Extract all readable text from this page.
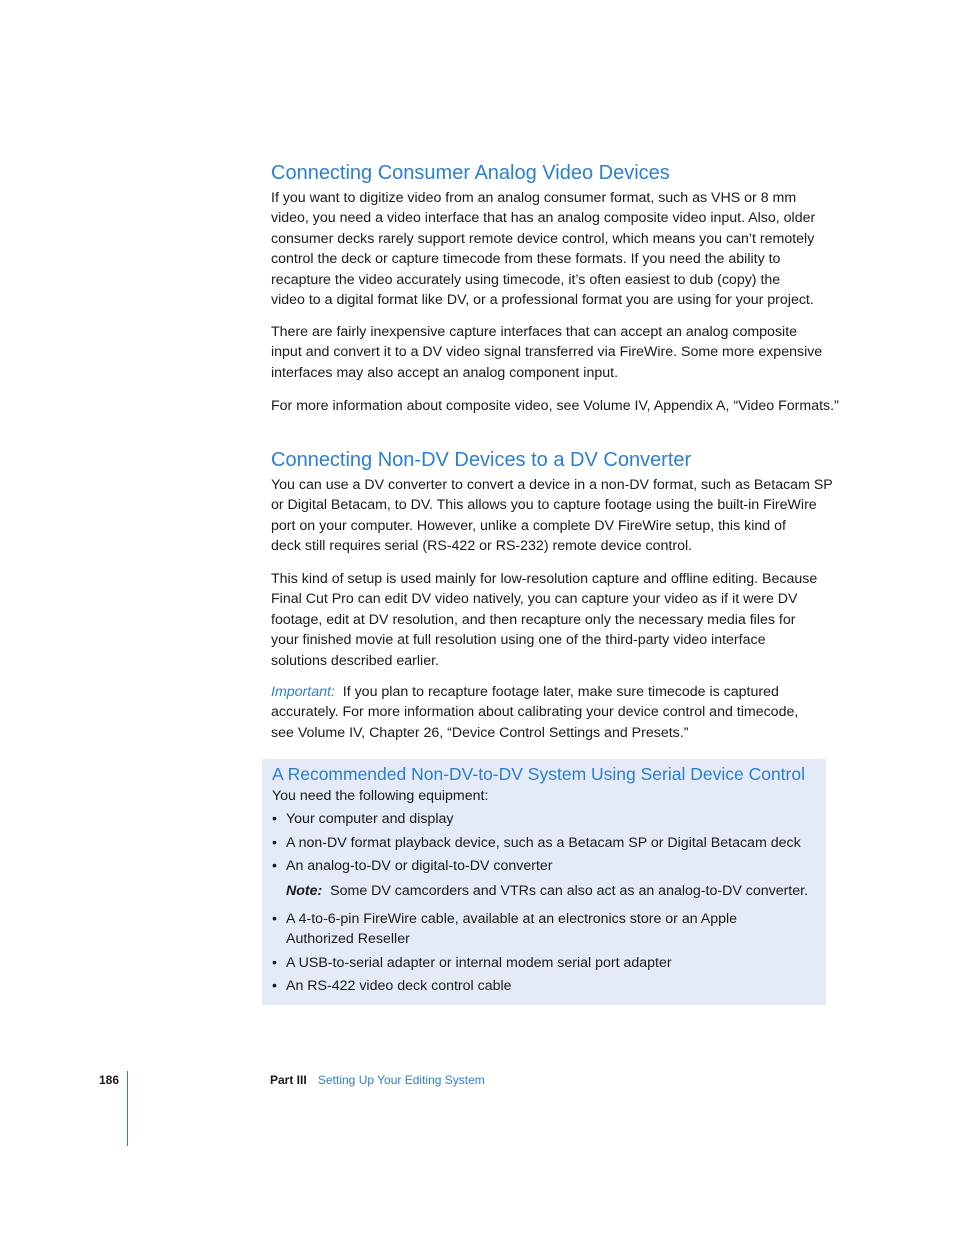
Connecting Consumer Analog Video Devices
If you want to digitize video from an analog consumer format, such as VHS or 8 mm
video, you need a video interface that has an analog composite video input. Also, older
consumer decks rarely support remote device control, which means you can’t remotely
control the deck or capture timecode from these formats. If you need the ability to
recapture the video accurately using timecode, it’s often easiest to dub (copy) the
video to a digital format like DV, or a professional format you are using for your project.
There are fairly inexpensive capture interfaces that can accept an analog composite
input and convert it to a DV video signal transferred via FireWire. Some more expensive
interfaces may also accept an analog component input.
For more information about composite video, see Volume IV, Appendix A, “Video Formats.”
Connecting Non-DV Devices to a DV Converter
You can use a DV converter to convert a device in a non-DV format, such as Betacam SP
or Digital Betacam, to DV. This allows you to capture footage using the built-in FireWire
port on your computer. However, unlike a complete DV FireWire setup, this kind of
deck still requires serial (RS-422 or RS-232) remote device control.
This kind of setup is used mainly for low-resolution capture and offline editing. Because
Final Cut Pro can edit DV video natively, you can capture your video as if it were DV
footage, edit at DV resolution, and then recapture only the necessary media files for
your finished movie at full resolution using one of the third-party video interface
solutions described earlier.
Important: If you plan to recapture footage later, make sure timecode is captured
accurately. For more information about calibrating your device control and timecode,
see Volume IV, Chapter 26, “Device Control Settings and Presets.”
A Recommended Non-DV-to-DV System Using Serial Device Control
You need the following equipment:
• Your computer and display
• A non-DV format playback device, such as a Betacam SP or Digital Betacam deck
• An analog-to-DV or digital-to-DV converter
Note: Some DV camcorders and VTRs can also act as an analog-to-DV converter.
• A 4-to-6-pin FireWire cable, available at an electronics store or an Apple
Authorized Reseller
• A USB-to-serial adapter or internal modem serial port adapter
• An RS-422 video deck control cable
186	Part III Setting Up Your Editing System
